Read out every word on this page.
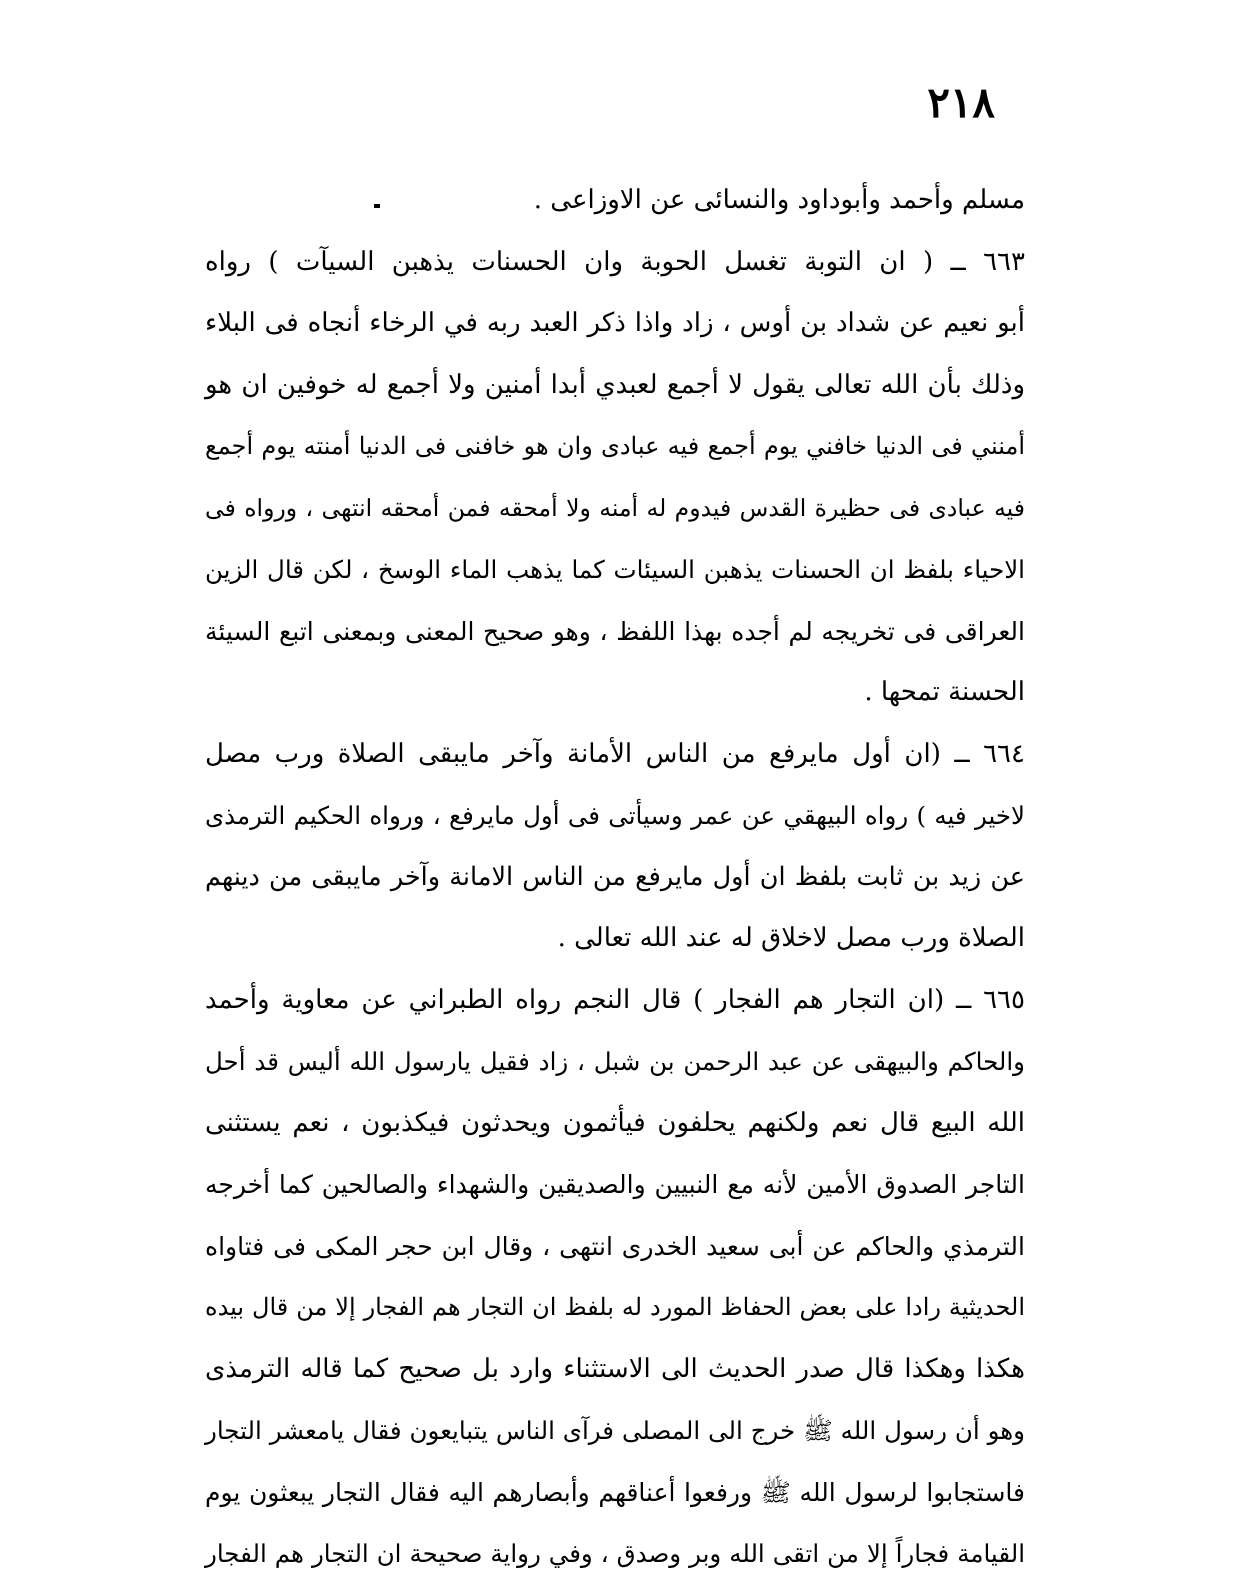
٢١٨
مسلم وأحمد وأبوداود والنسائى عن الاوزاعى .
٦٦٣ ــ ( ان التوبة تغسل الحوبة وان الحسنات يذهبن السيآت ) رواه
أبو نعيم عن شداد بن أوس ، زاد واذا ذكر العبد ربه في الرخاء أنجاه فى البلاء
وذلك بأن الله تعالى يقول لا أجمع لعبدي أبدا أمنين ولا أجمع له خوفين ان هو
أمنني فى الدنيا خافني يوم أجمع فيه عبادى وان هو خافنى فى الدنيا أمنته يوم أجمع
فيه عبادى فى حظيرة القدس فيدوم له أمنه ولا أمحقه فمن أمحقه انتهى ، ورواه فى
الاحياء بلفظ ان الحسنات يذهبن السيئات كما يذهب الماء الوسخ ، لكن قال الزين
العراقى فى تخريجه لم أجده بهذا اللفظ ، وهو صحيح المعنى وبمعنى اتبع السيئة
الحسنة تمحها .
٦٦٤ ــ (ان أول مايرفع من الناس الأمانة وآخر مايبقى الصلاة ورب مصل
لاخير فيه ) رواه البيهقي عن عمر وسيأتى فى أول مايرفع ، ورواه الحكيم الترمذى
عن زيد بن ثابت بلفظ ان أول مايرفع من الناس الامانة وآخر مايبقى من دينهم
الصلاة ورب مصل لاخلاق له عند الله تعالى .
٦٦٥ ــ (ان التجار هم الفجار ) قال النجم رواه الطبراني عن معاوية وأحمد
والحاكم والبيهقى عن عبد الرحمن بن شبل ، زاد فقيل يارسول الله أليس قد أحل
الله البيع قال نعم ولكنهم يحلفون فيأثمون ويحدثون فيكذبون ، نعم يستثنى
التاجر الصدوق الأمين لأنه مع النبيين والصديقين والشهداء والصالحين كما أخرجه
الترمذي والحاكم عن أبى سعيد الخدرى انتهى ، وقال ابن حجر المكى فى فتاواه
الحديثية رادا على بعض الحفاظ المورد له بلفظ ان التجار هم الفجار إلا من قال بيده
هكذا وهكذا قال صدر الحديث الى الاستثناء وارد بل صحيح كما قاله الترمذى
وهو أن رسول الله ﷺ خرج الى المصلى فرآى الناس يتبايعون فقال يامعشر التجار
فاستجابوا لرسول الله ﷺ ورفعوا أعناقهم وأبصارهم اليه فقال التجار يبعثون يوم
القيامة فجاراً إلا من اتقى الله وبر وصدق ، وفي رواية صحيحة ان التجار هم الفجار
